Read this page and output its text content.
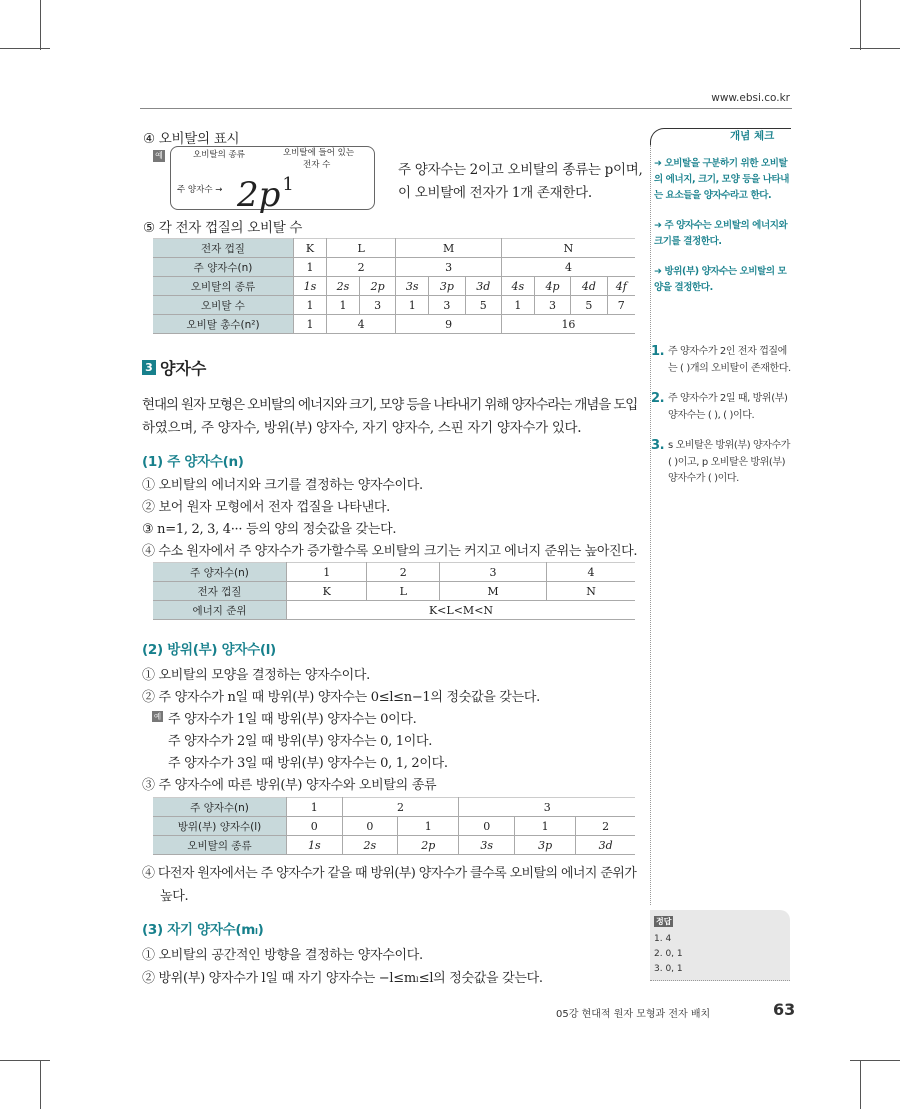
www.ebsi.co.kr
④ 오비탈의 표시
예	오비탈의 종류	오비탈에 들어 있는
전자 수
주 양자수 → 2p 1
주 양자수는 2이고 오비탈의 종류는 p이며,
이 오비탈에 전자가 1개 존재한다.
⑤ 각 전자 껍질의 오비탈 수
전자 껍질	K	L		M			N			
주 양자수(n)	1	2		3			4			
오비탈의 종류	1s	2s	2p	3s	3p	3d	4s	4p	4d	4f
오비탈 수	1	1	3	1	3	5	1	3	5	7
오비탈 총수(n²)	1	4		9			16			
3 양자수
현대의 원자 모형은 오비탈의 에너지와 크기, 모양 등을 나타내기 위해 양자수라는 개념을 도입
하였으며, 주 양자수, 방위(부) 양자수, 자기 양자수, 스핀 자기 양자수가 있다.
(1) 주 양자수(n)
① 오비탈의 에너지와 크기를 결정하는 양자수이다.
② 보어 원자 모형에서 전자 껍질을 나타낸다.
③ n=1, 2, 3, 4··· 등의 양의 정숫값을 갖는다.
④ 수소 원자에서 주 양자수가 증가할수록 오비탈의 크기는 커지고 에너지 준위는 높아진다.
주 양자수(n)	1	2	3	4
전자 껍질	K	L	M	N
에너지 준위	K<L<M<N			
(2) 방위(부) 양자수(l)
① 오비탈의 모양을 결정하는 양자수이다.
② 주 양자수가 n일 때 방위(부) 양자수는 0≤l≤n−1의 정숫값을 갖는다.
예 주 양자수가 1일 때 방위(부) 양자수는 0이다.
주 양자수가 2일 때 방위(부) 양자수는 0, 1이다.
주 양자수가 3일 때 방위(부) 양자수는 0, 1, 2이다.
③ 주 양자수에 따른 방위(부) 양자수와 오비탈의 종류
주 양자수(n)	1	2		3		
방위(부) 양자수(l)	0	0	1	0	1	2
오비탈의 종류	1s	2s	2p	3s	3p	3d
④ 다전자 원자에서는 주 양자수가 같을 때 방위(부) 양자수가 클수록 오비탈의 에너지 준위가
높다.
(3) 자기 양자수(mₗ)
① 오비탈의 공간적인 방향을 결정하는 양자수이다.
② 방위(부) 양자수가 l일 때 자기 양자수는 −l≤mₗ≤l의 정숫값을 갖는다.
개념 체크
➜ 오비탈을 구분하기 위한 오비탈의 에너지, 크기, 모양 등을 나타내는 요소들을 양자수라고 한다.
➜ 주 양자수는 오비탈의 에너지와 크기를 결정한다.
➜ 방위(부) 양자수는 오비탈의 모양을 결정한다.
1. 주 양자수가 2인 전자 껍질에는 ( )개의 오비탈이 존재한다.
2. 주 양자수가 2일 때, 방위(부) 양자수는 ( ), ( )이다.
3. s 오비탈은 방위(부) 양자수가 ( )이고, p 오비탈은 방위(부) 양자수가 ( )이다.
정답
1. 4
2. 0, 1
3. 0, 1
05강 현대적 원자 모형과 전자 배치	63
